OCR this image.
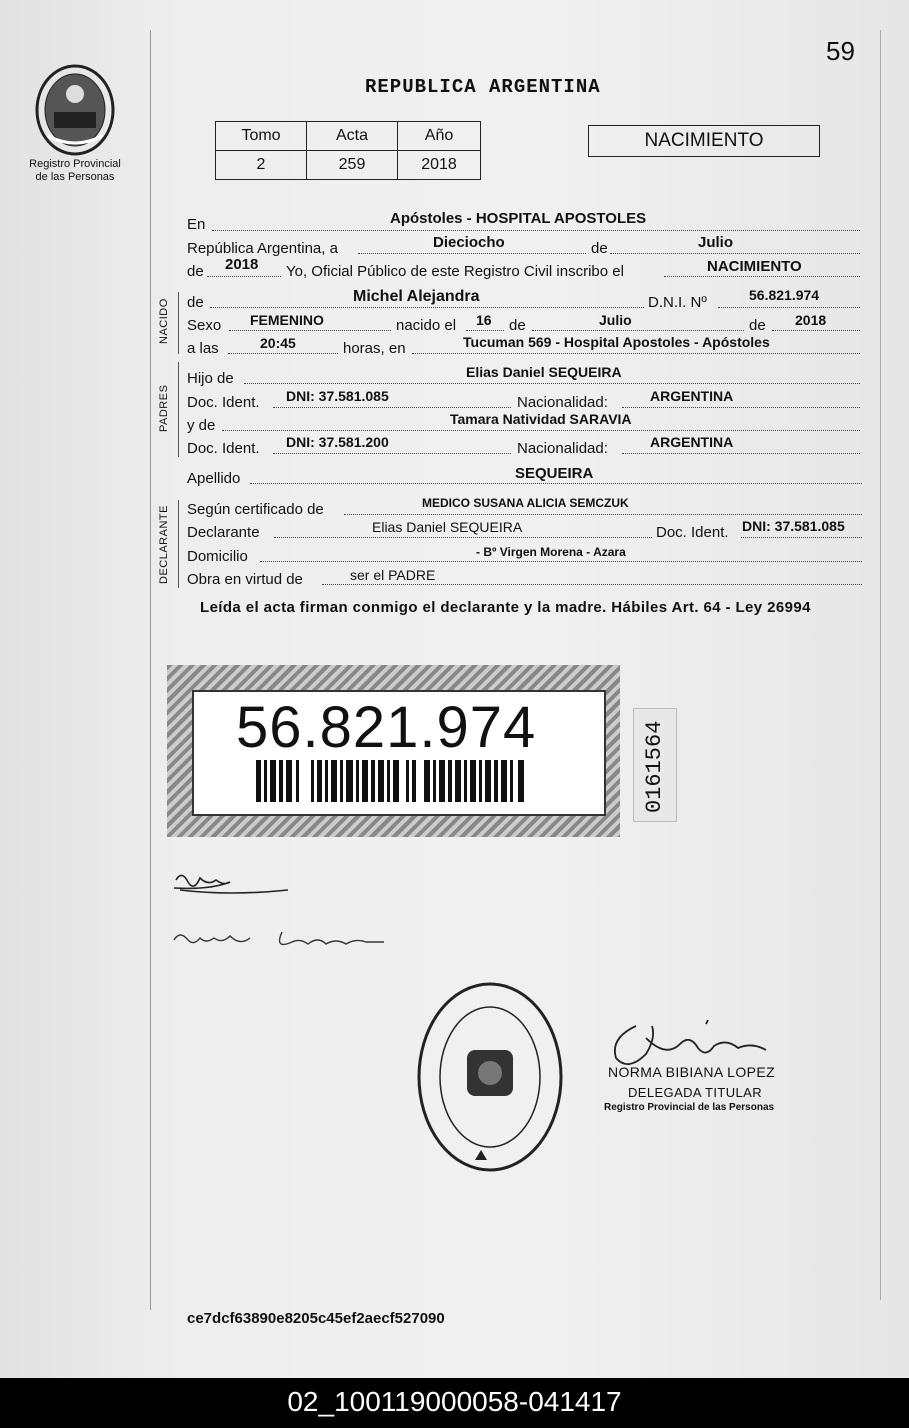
59
Registro Provincial
de las Personas
REPUBLICA ARGENTINA
Tomo	Acta	Año
2	259	2018
NACIMIENTO
En	Apóstoles - HOSPITAL APOSTOLES
República Argentina, a	de
Dieciocho	Julio
de 2018 Yo, Oficial Público de este Registro Civil inscribo el	NACIMIENTO
NACIDO de	Michel Alejandra	D.N.I. Nº	56.821.974
Sexo FEMENINO	nacido el 16 de	Julio	de 2018
a las	20:45	horas, en	Tucuman 569 - Hospital Apostoles - Apóstoles
PADRES
Hijo de	Elias Daniel SEQUEIRA
Doc. Ident. DNI: 37.581.085	Nacionalidad:	ARGENTINA
y de	Tamara Natividad SARAVIA
Doc. Ident. DNI: 37.581.200	Nacionalidad:	ARGENTINA
Apellido	SEQUEIRA
DECLARANTE Según certificado de	MEDICO SUSANA ALICIA SEMCZUK
Declarante	Elias Daniel SEQUEIRA	Doc. Ident. DNI: 37.581.085
Domicilio	- Bº Virgen Morena - Azara
Obra en virtud de	ser el PADRE
Leída el acta firman conmigo el declarante y la madre. Hábiles Art. 64 - Ley 26994
56.821.974	0161564
NORMA BIBIANA LOPEZ
DELEGADA TITULAR
Registro Provincial de las Personas
ce7dcf63890e8205c45ef2aecf527090
02_100119000058-041417
